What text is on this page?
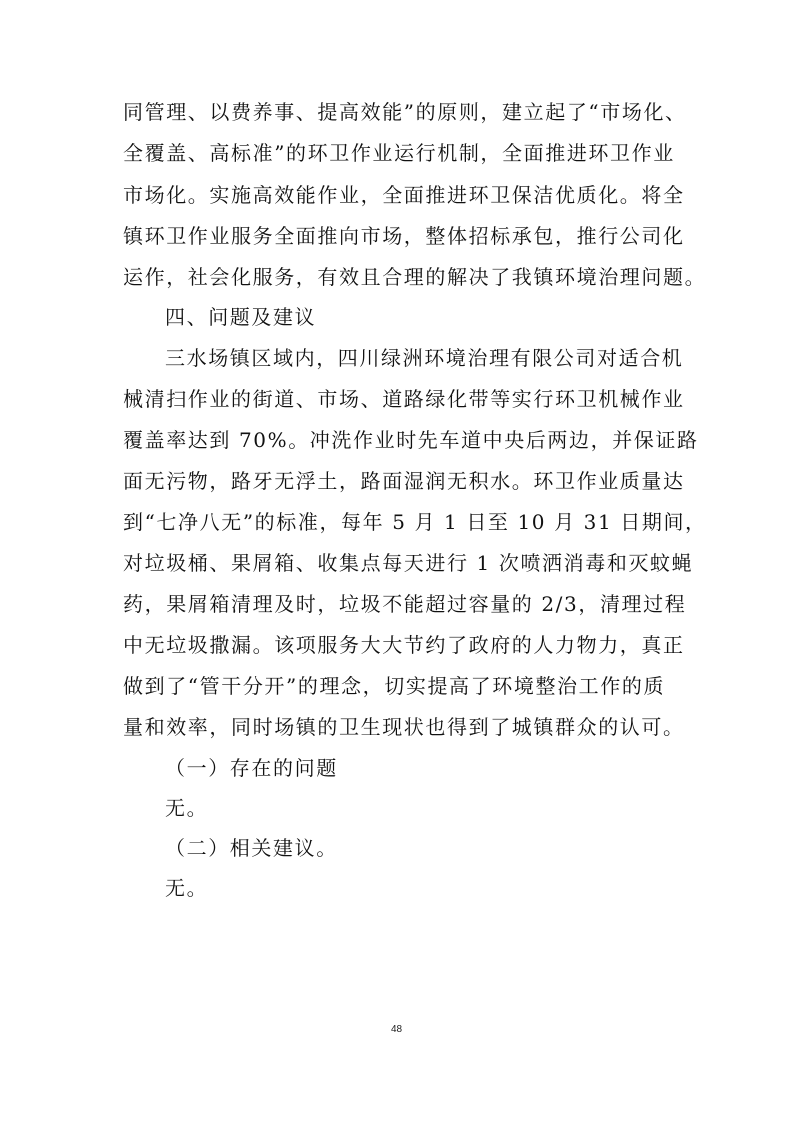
同管理、以费养事、提高效能”的原则，建立起了“市场化、
全覆盖、高标准”的环卫作业运行机制，全面推进环卫作业
市场化。实施高效能作业，全面推进环卫保洁优质化。将全
镇环卫作业服务全面推向市场，整体招标承包，推行公司化
运作，社会化服务，有效且合理的解决了我镇环境治理问题。
四、问题及建议
三水场镇区域内，四川绿洲环境治理有限公司对适合机
械清扫作业的街道、市场、道路绿化带等实行环卫机械作业
覆盖率达到 70%。冲洗作业时先车道中央后两边，并保证路
面无污物，路牙无浮土，路面湿润无积水。环卫作业质量达
到“七净八无”的标准，每年 5 月 1 日至 10 月 31 日期间，
对垃圾桶、果屑箱、收集点每天进行 1 次喷洒消毒和灭蚊蝇
药，果屑箱清理及时，垃圾不能超过容量的 2/3，清理过程
中无垃圾撒漏。该项服务大大节约了政府的人力物力，真正
做到了“管干分开”的理念，切实提高了环境整治工作的质
量和效率，同时场镇的卫生现状也得到了城镇群众的认可。
（一）存在的问题
无。
（二）相关建议。
无。
48
